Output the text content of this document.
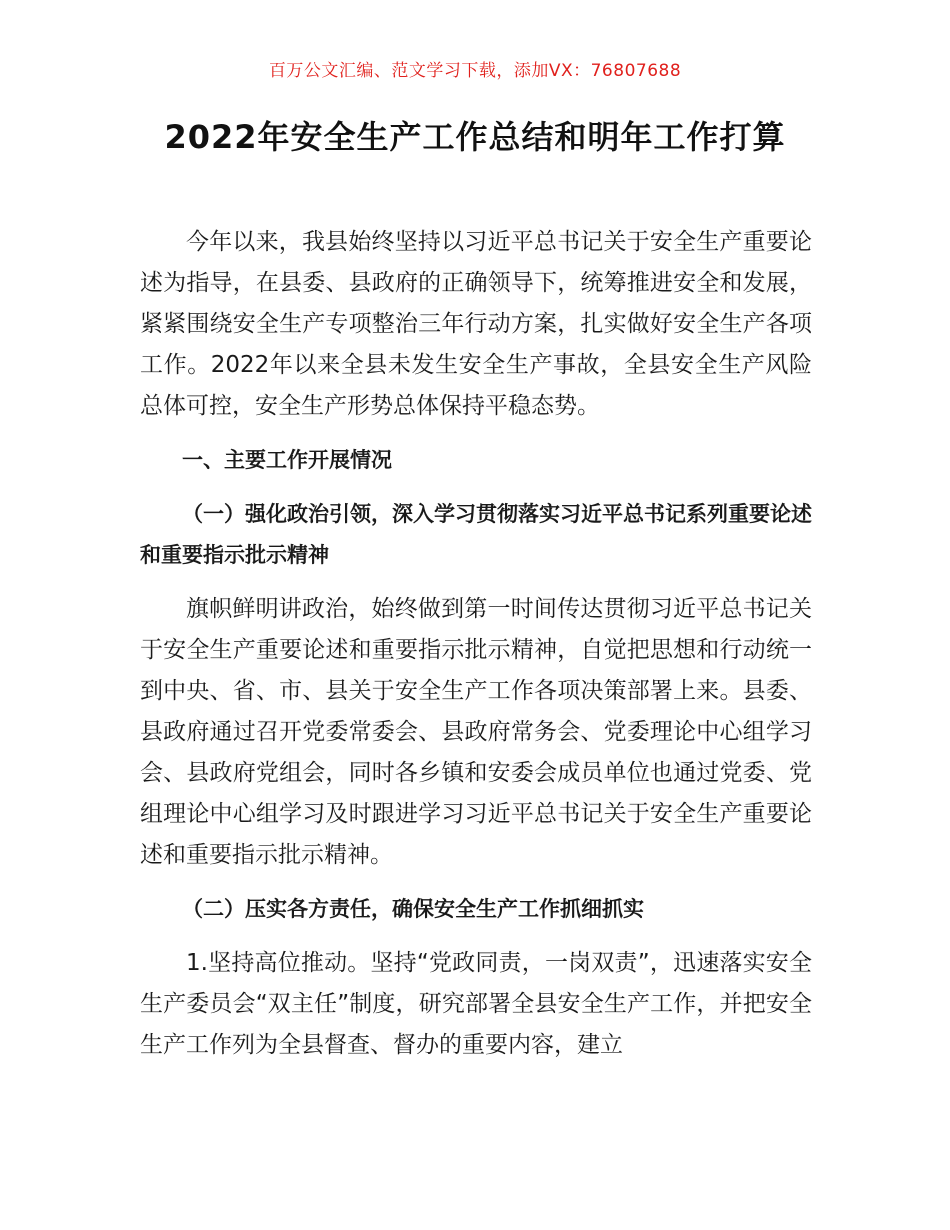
百万公文汇编、范文学习下载，添加VX：76807688
2022年安全生产工作总结和明年工作打算

今年以来，我县始终坚持以习近平总书记关于安全生产重要论述为指导，在县委、县政府的正确领导下，统筹推进安全和发展，紧紧围绕安全生产专项整治三年行动方案，扎实做好安全生产各项工作。2022年以来全县未发生安全生产事故，全县安全生产风险总体可控，安全生产形势总体保持平稳态势。

一、主要工作开展情况

（一）强化政治引领，深入学习贯彻落实习近平总书记系列重要论述和重要指示批示精神

旗帜鲜明讲政治，始终做到第一时间传达贯彻习近平总书记关于安全生产重要论述和重要指示批示精神，自觉把思想和行动统一到中央、省、市、县关于安全生产工作各项决策部署上来。县委、县政府通过召开党委常委会、县政府常务会、党委理论中心组学习会、县政府党组会，同时各乡镇和安委会成员单位也通过党委、党组理论中心组学习及时跟进学习习近平总书记关于安全生产重要论述和重要指示批示精神。

（二）压实各方责任，确保安全生产工作抓细抓实

1.坚持高位推动。坚持“党政同责，一岗双责”，迅速落实安全生产委员会“双主任”制度，研究部署全县安全生产工作，并把安全生产工作列为全县督查、督办的重要内容，建立
